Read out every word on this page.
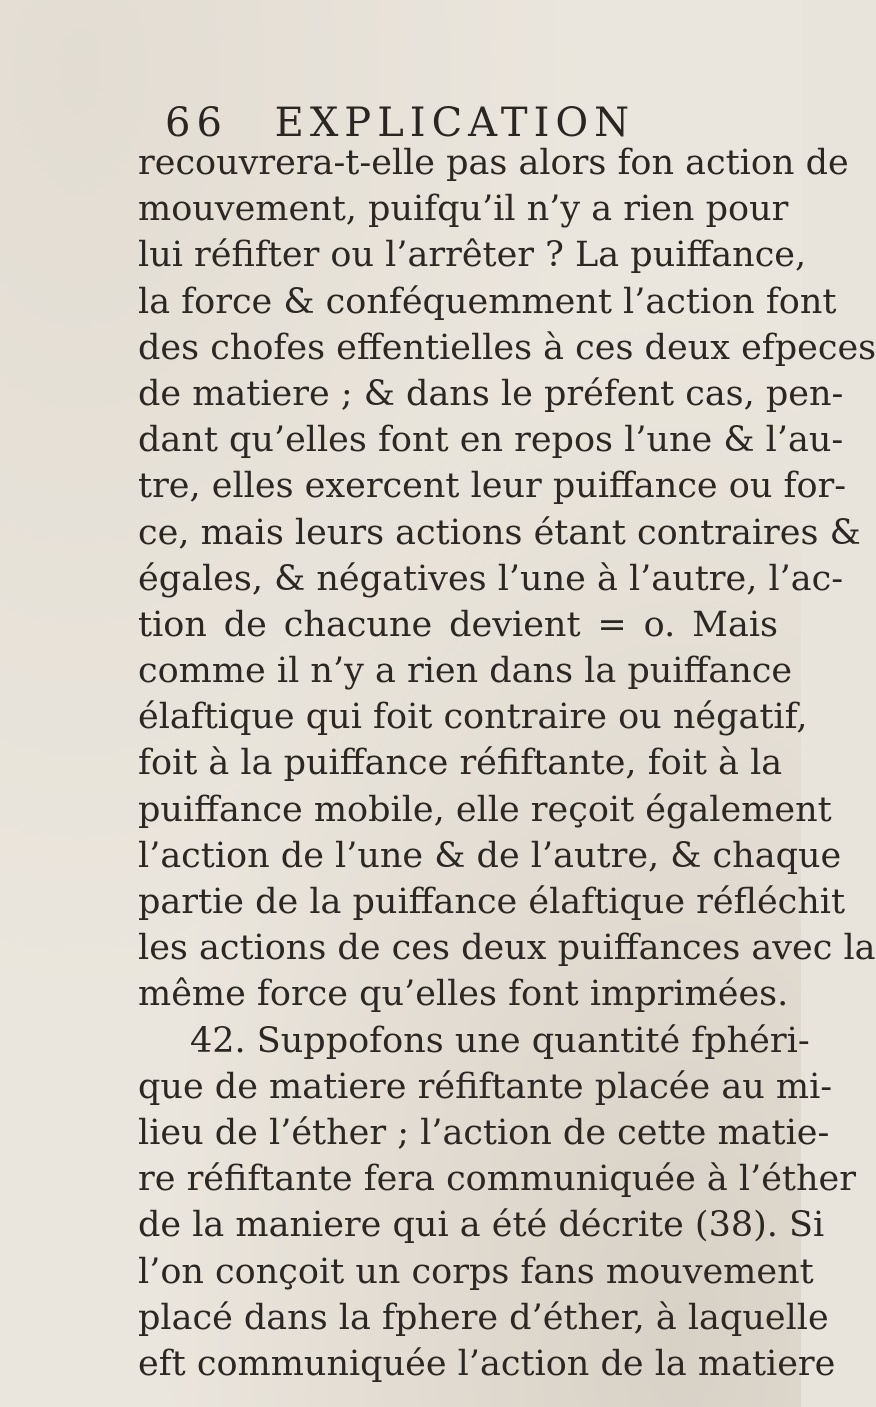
66 EXPLICATION
recouvrera-t-elle pas alors fon action de
mouvement, puifqu’il n’y a rien pour
lui réfifter ou l’arrêter ? La puiffance,
la force & conféquemment l’action font
des chofes effentielles à ces deux efpeces
de matiere ; & dans le préfent cas, pen-
dant qu’elles font en repos l’une & l’au-
tre, elles exercent leur puiffance ou for-
ce, mais leurs actions étant contraires &
égales, & négatives l’une à l’autre, l’ac-
tion de chacune devient = o. Mais
comme il n’y a rien dans la puiffance
élaftique qui foit contraire ou négatif,
foit à la puiffance réfiftante, foit à la
puiffance mobile, elle reçoit également
l’action de l’une & de l’autre, & chaque
partie de la puiffance élaftique réfléchit
les actions de ces deux puiffances avec la
même force qu’elles font imprimées.
42. Suppofons une quantité fphéri-
que de matiere réfiftante placée au mi-
lieu de l’éther ; l’action de cette matie-
re réfiftante fera communiquée à l’éther
de la maniere qui a été décrite (38). Si
l’on conçoit un corps fans mouvement
placé dans la fphere d’éther, à laquelle
eft communiquée l’action de la matiere
